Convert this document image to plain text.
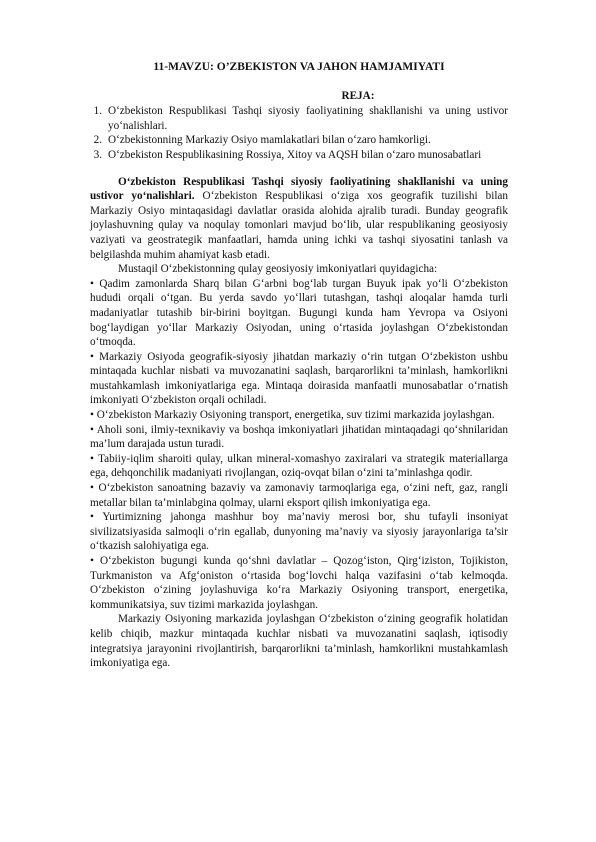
11-MAVZU: O’ZBEKISTON VA JAHON HAMJAMIYATI
REJA:
1. O‘zbekiston Respublikasi Tashqi siyosiy faoliyatining shakllanishi va uning ustivor yo‘nalishlari.
2. O‘zbekistonning Markaziy Osiyo mamlakatlari bilan o‘zaro hamkorligi.
3. O‘zbekiston Respublikasining Rossiya, Xitoy va AQSH bilan o‘zaro munosabatlari

O‘zbekiston Respublikasi Tashqi siyosiy faoliyatining shakllanishi va uning ustivor yo‘nalishlari. O‘zbekiston Respublikasi o‘ziga xos geografik tuzilishi bilan Markaziy Osiyo mintaqasidagi davlatlar orasida alohida ajralib turadi. Bunday geografik joylashuvning qulay va noqulay tomonlari mavjud bo‘lib, ular respublikaning geosiyosiy vaziyati va geostrategik manfaatlari, hamda uning ichki va tashqi siyosatini tanlash va belgilashda muhim ahamiyat kasb etadi.

Mustaqil O‘zbekistonning qulay geosiyosiy imkoniyatlari quyidagicha:

• Qadim zamonlarda Sharq bilan G‘arbni bog‘lab turgan Buyuk ipak yo‘li O‘zbekiston hududi orqali o‘tgan. Bu yerda savdo yo‘llari tutashgan, tashqi aloqalar hamda turli madaniyatlar tutashib bir-birini boyitgan. Bugungi kunda ham Yevropa va Osiyoni bog‘laydigan yo‘llar Markaziy Osiyodan, uning o‘rtasida joylashgan O‘zbekistondan o‘tmoqda.

• Markaziy Osiyoda geografik-siyosiy jihatdan markaziy o‘rin tutgan O‘zbekiston ushbu mintaqada kuchlar nisbati va muvozanatini saqlash, barqarorlikni ta’minlash, hamkorlikni mustahkamlash imkoniyatlariga ega. Mintaqa doirasida manfaatli munosabatlar o‘rnatish imkoniyati O‘zbekiston orqali ochiladi.

• O‘zbekiston Markaziy Osiyoning transport, energetika, suv tizimi markazida joylashgan.

• Aholi soni, ilmiy-texnikaviy va boshqa imkoniyatlari jihatidan mintaqadagi qo‘shnilaridan ma’lum darajada ustun turadi.

• Tabiiy-iqlim sharoiti qulay, ulkan mineral-xomashyo zaxiralari va strategik materiallarga ega, dehqonchilik madaniyati rivojlangan, oziq-ovqat bilan o‘zini ta’minlashga qodir.

• O‘zbekiston sanoatning bazaviy va zamonaviy tarmoqlariga ega, o‘zini neft, gaz, rangli metallar bilan ta’minlabgina qolmay, ularni eksport qilish imkoniyatiga ega.

• Yurtimizning jahonga mashhur boy ma’naviy merosi bor, shu tufayli insoniyat sivilizatsiyasida salmoqli o‘rin egallab, dunyoning ma’naviy va siyosiy jarayonlariga ta’sir o‘tkazish salohiyatiga ega.

• O‘zbekiston bugungi kunda qo‘shni davlatlar – Qozog‘iston, Qirg‘iziston, Tojikiston, Turkmaniston va Afg‘oniston o‘rtasida bog‘lovchi halqa vazifasini o‘tab kelmoqda. O‘zbekiston o‘zining joylashuviga ko‘ra Markaziy Osiyoning transport, energetika, kommunikatsiya, suv tizimi markazida joylashgan.

Markaziy Osiyoning markazida joylashgan O‘zbekiston o‘zining geografik holatidan kelib chiqib, mazkur mintaqada kuchlar nisbati va muvozanatini saqlash, iqtisodiy integratsiya jarayonini rivojlantirish, barqarorlikni ta’minlash, hamkorlikni mustahkamlash imkoniyatiga ega.
